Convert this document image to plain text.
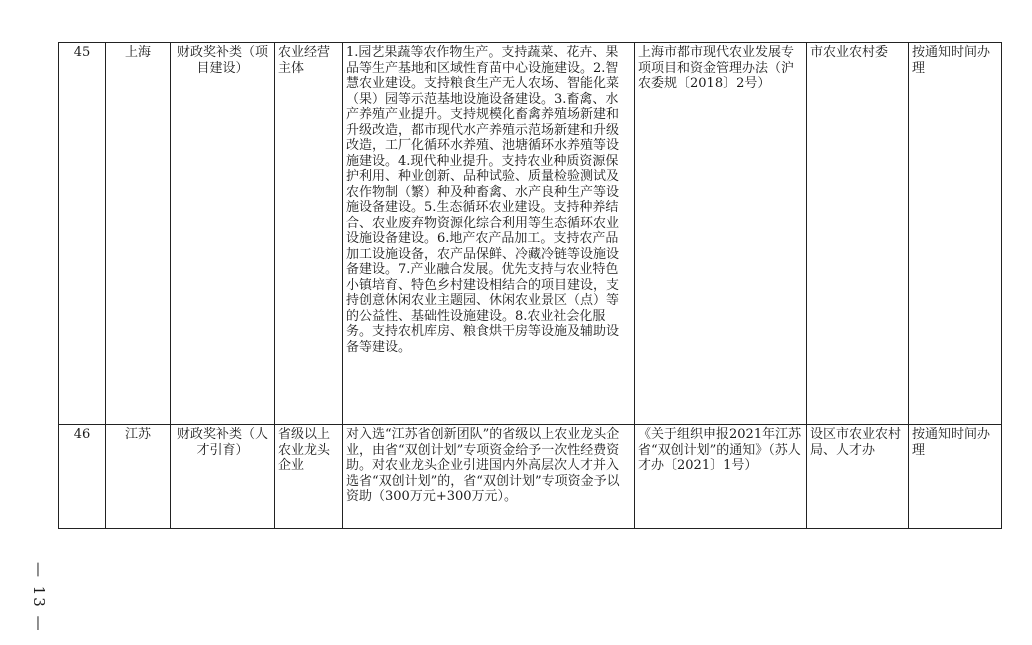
45	上海	财政奖补类（项目建设）	农业经营主体	1.园艺果蔬等农作物生产。支持蔬菜、花卉、果品等生产基地和区域性育苗中心设施建设。2.智慧农业建设。支持粮食生产无人农场、智能化菜（果）园等示范基地设施设备建设。3.畜禽、水产养殖产业提升。支持规模化畜禽养殖场新建和升级改造，都市现代水产养殖示范场新建和升级改造，工厂化循环水养殖、池塘循环水养殖等设施建设。4.现代种业提升。支持农业种质资源保护利用、种业创新、品种试验、质量检验测试及农作物制（繁）种及种畜禽、水产良种生产等设施设备建设。5.生态循环农业建设。支持种养结合、农业废弃物资源化综合利用等生态循环农业设施设备建设。6.地产农产品加工。支持农产品加工设施设备，农产品保鲜、冷藏冷链等设施设备建设。7.产业融合发展。优先支持与农业特色小镇培育、特色乡村建设相结合的项目建设，支持创意休闲农业主题园、休闲农业景区（点）等的公益性、基础性设施建设。8.农业社会化服务。支持农机库房、粮食烘干房等设施及辅助设备等建设。	上海市都市现代农业发展专项项目和资金管理办法（沪农委规〔2018〕2号）	市农业农村委	按通知时间办理
46	江苏	财政奖补类（人才引育）	省级以上农业龙头企业	对入选“江苏省创新团队”的省级以上农业龙头企业，由省“双创计划”专项资金给予一次性经费资助。对农业龙头企业引进国内外高层次人才并入选省“双创计划”的，省“双创计划”专项资金予以资助（300万元+300万元）。	《关于组织申报2021年江苏省“双创计划”的通知》（苏人才办〔2021〕1号）	设区市农业农村局、人才办	按通知时间办理
— 13 —
